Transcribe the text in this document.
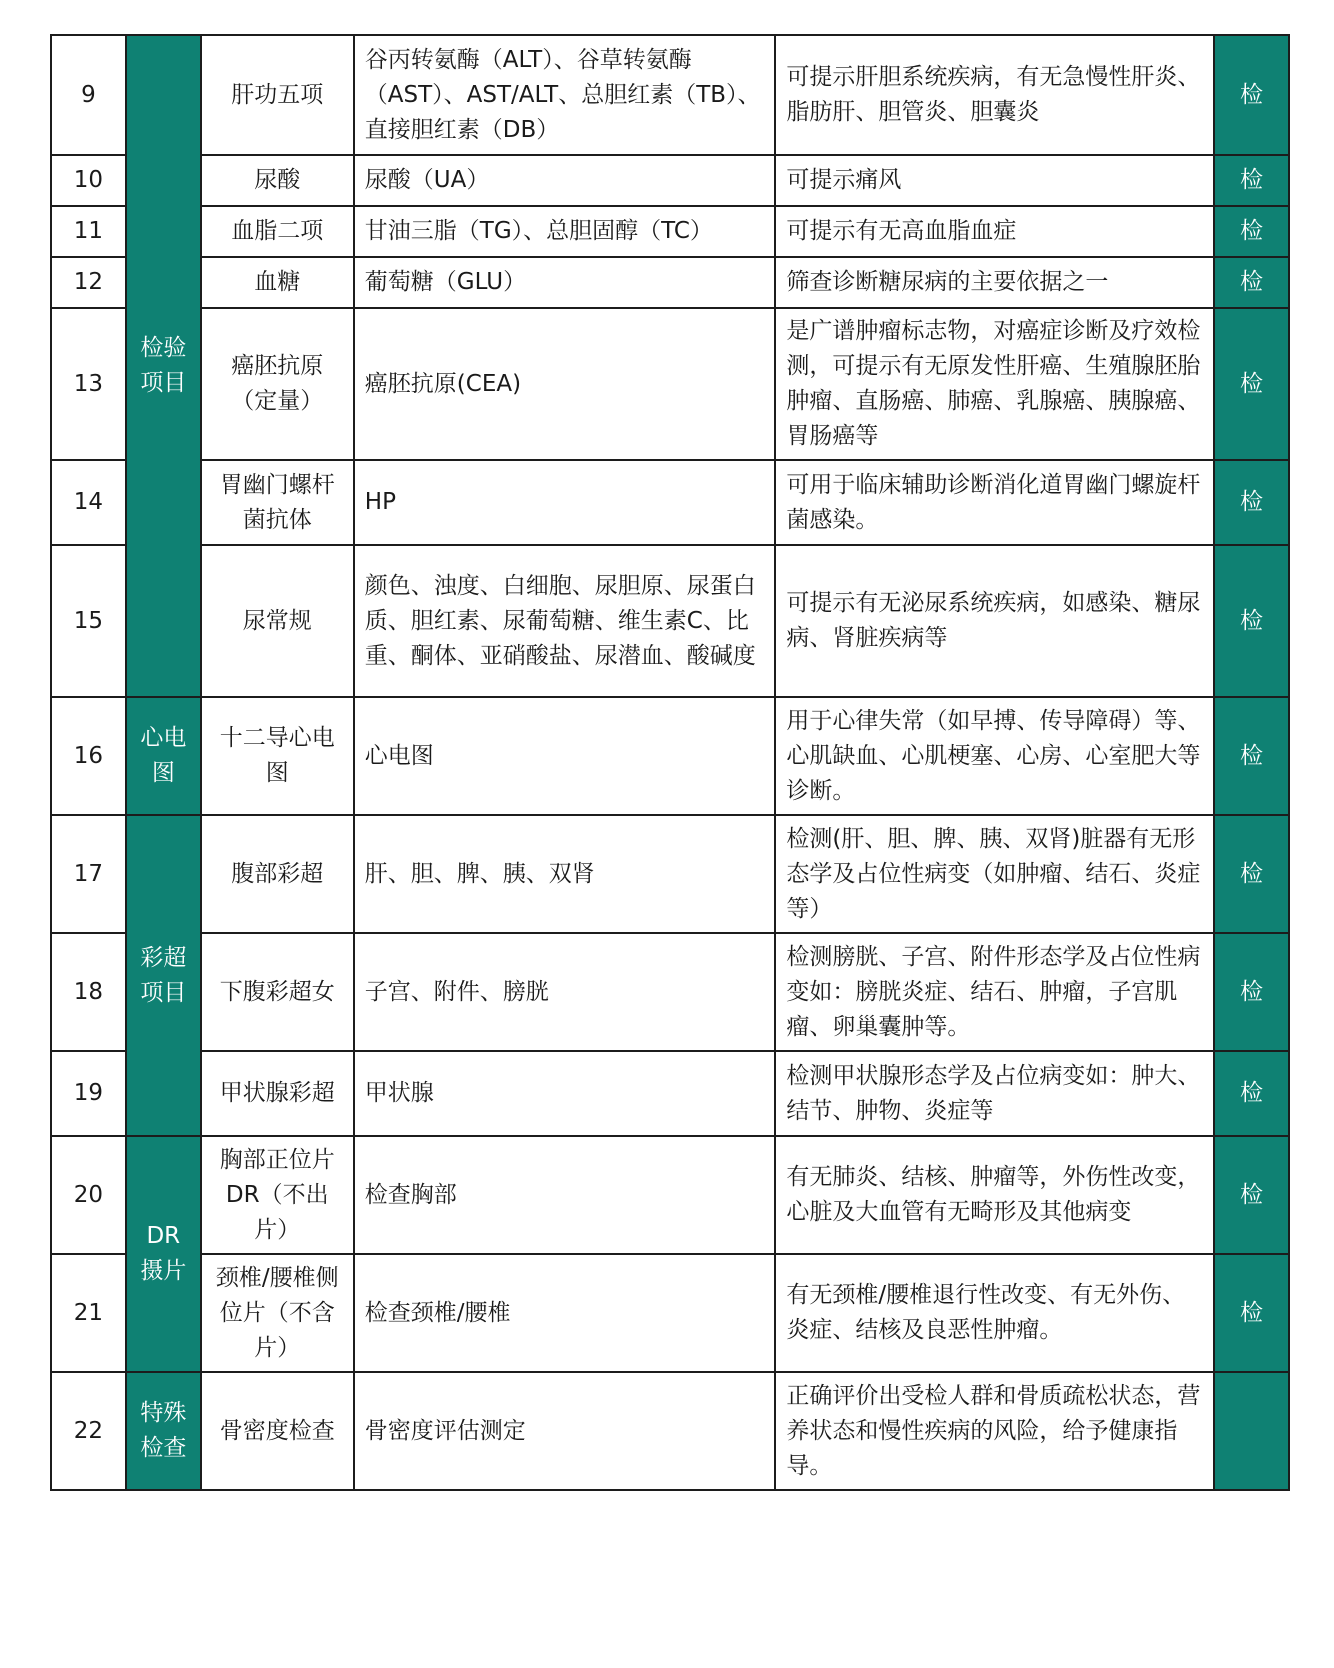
9	检验项目	肝功五项	谷丙转氨酶（ALT）、谷草转氨酶（AST）、AST/ALT、总胆红素（TB）、直接胆红素（DB）	可提示肝胆系统疾病，有无急慢性肝炎、脂肪肝、胆管炎、胆囊炎	检
10		尿酸	尿酸（UA）	可提示痛风	检
11		血脂二项	甘油三脂（TG）、总胆固醇（TC）	可提示有无高血脂血症	检
12		血糖	葡萄糖（GLU）	筛查诊断糖尿病的主要依据之一	检
13		癌胚抗原（定量）	癌胚抗原(CEA)	是广谱肿瘤标志物，对癌症诊断及疗效检测，可提示有无原发性肝癌、生殖腺胚胎肿瘤、直肠癌、肺癌、乳腺癌、胰腺癌、胃肠癌等	检
14		胃幽门螺杆菌抗体	HP	可用于临床辅助诊断消化道胃幽门螺旋杆菌感染。	检
15		尿常规	颜色、浊度、白细胞、尿胆原、尿蛋白质、胆红素、尿葡萄糖、维生素C、比重、酮体、亚硝酸盐、尿潜血、酸碱度	可提示有无泌尿系统疾病，如感染、糖尿病、肾脏疾病等	检
16	心电图	十二导心电图	心电图	用于心律失常（如早搏、传导障碍）等、心肌缺血、心肌梗塞、心房、心室肥大等诊断。	检
17	彩超项目	腹部彩超	肝、胆、脾、胰、双肾	检测(肝、胆、脾、胰、双肾)脏器有无形态学及占位性病变（如肿瘤、结石、炎症等）	检
18		下腹彩超女	子宫、附件、膀胱	检测膀胱、子宫、附件形态学及占位性病变如：膀胱炎症、结石、肿瘤，子宫肌瘤、卵巢囊肿等。	检
19		甲状腺彩超	甲状腺	检测甲状腺形态学及占位病变如：肿大、结节、肿物、炎症等	检
20	DR摄片	胸部正位片DR（不出片）	检查胸部	有无肺炎、结核、肿瘤等，外伤性改变，心脏及大血管有无畸形及其他病变	检
21		颈椎/腰椎侧位片（不含片）	检查颈椎/腰椎	有无颈椎/腰椎退行性改变、有无外伤、炎症、结核及良恶性肿瘤。	检
22	特殊检查	骨密度检查	骨密度评估测定	正确评价出受检人群和骨质疏松状态，营养状态和慢性疾病的风险，给予健康指导。	
